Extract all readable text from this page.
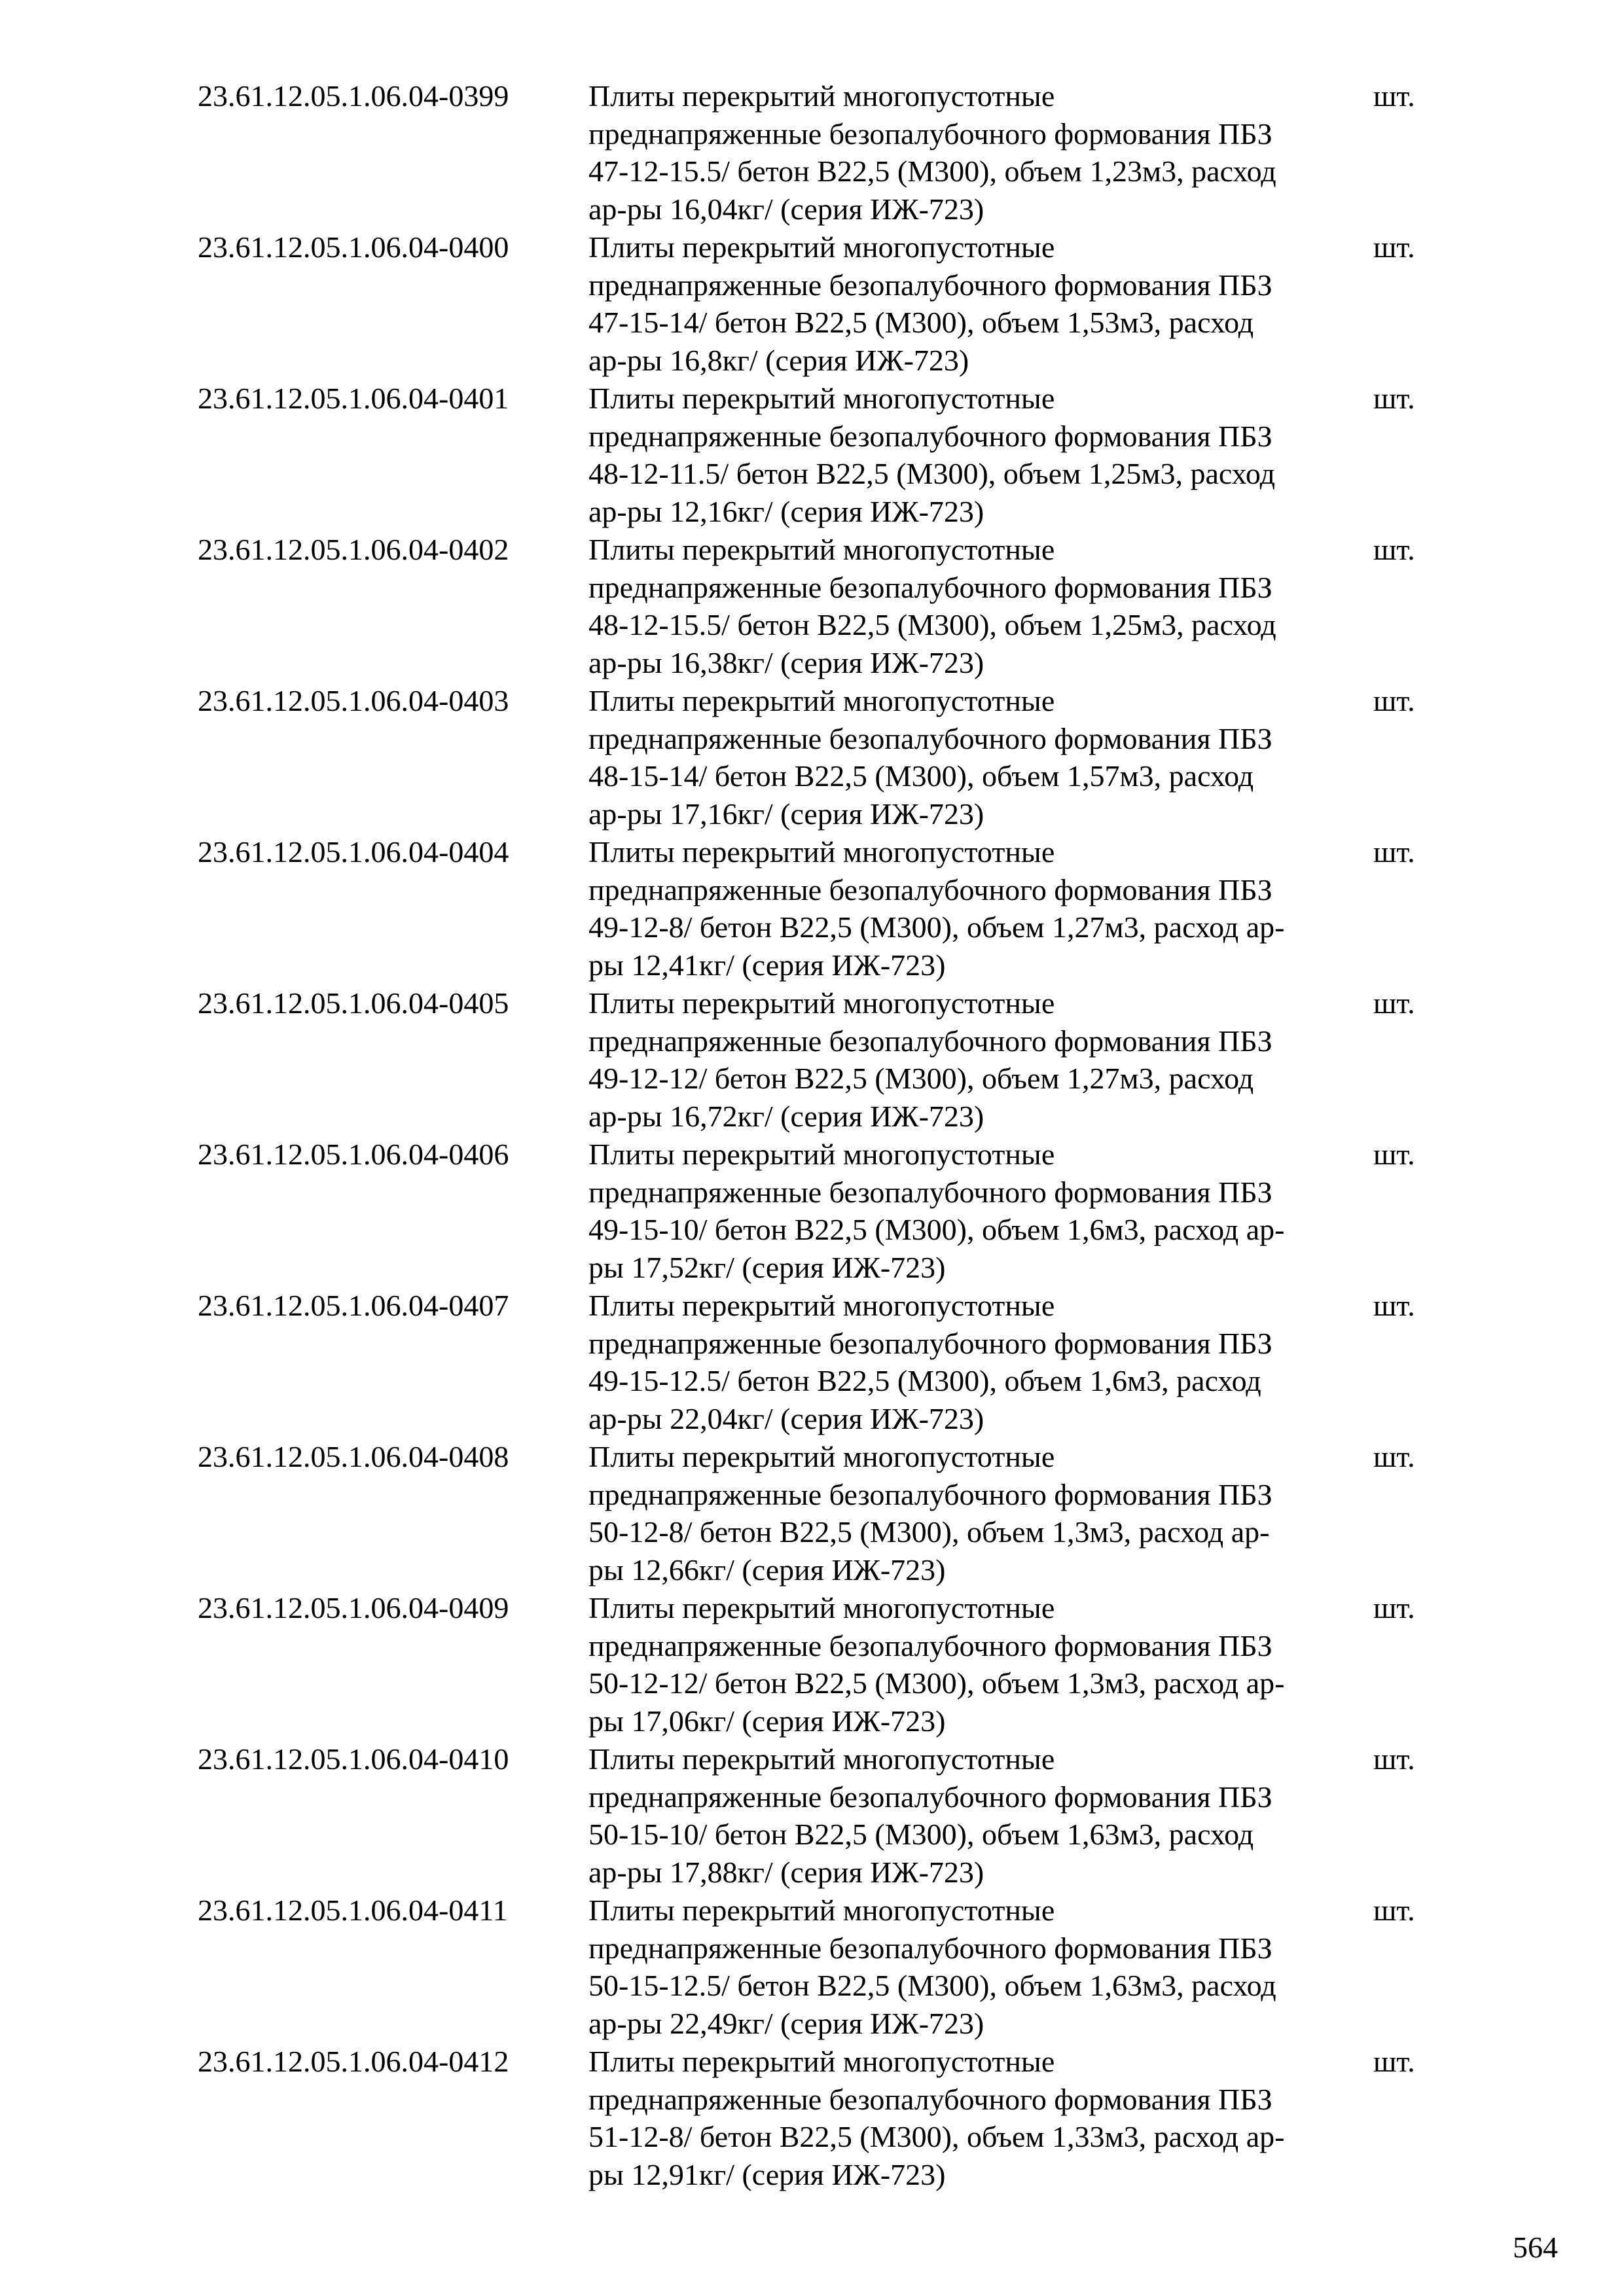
23.61.12.05.1.06.04-0399	Плиты перекрытий многопустотные
преднапряженные безопалубочного формования ПБЗ
47-12-15.5/ бетон В22,5 (М300), объем 1,23м3, расход
ар-ры 16,04кг/ (серия ИЖ-723)
шт.
23.61.12.05.1.06.04-0400	Плиты перекрытий многопустотные
преднапряженные безопалубочного формования ПБЗ
47-15-14/ бетон В22,5 (М300), объем 1,53м3, расход
ар-ры 16,8кг/ (серия ИЖ-723)
шт.
23.61.12.05.1.06.04-0401	Плиты перекрытий многопустотные
преднапряженные безопалубочного формования ПБЗ
48-12-11.5/ бетон В22,5 (М300), объем 1,25м3, расход
ар-ры 12,16кг/ (серия ИЖ-723)
шт.
23.61.12.05.1.06.04-0402	Плиты перекрытий многопустотные
преднапряженные безопалубочного формования ПБЗ
48-12-15.5/ бетон В22,5 (М300), объем 1,25м3, расход
ар-ры 16,38кг/ (серия ИЖ-723)
шт.
23.61.12.05.1.06.04-0403	Плиты перекрытий многопустотные
преднапряженные безопалубочного формования ПБЗ
48-15-14/ бетон В22,5 (М300), объем 1,57м3, расход
ар-ры 17,16кг/ (серия ИЖ-723)
шт.
23.61.12.05.1.06.04-0404	Плиты перекрытий многопустотные
преднапряженные безопалубочного формования ПБЗ
49-12-8/ бетон В22,5 (М300), объем 1,27м3, расход ар-
ры 12,41кг/ (серия ИЖ-723)
шт.
23.61.12.05.1.06.04-0405	Плиты перекрытий многопустотные
преднапряженные безопалубочного формования ПБЗ
49-12-12/ бетон В22,5 (М300), объем 1,27м3, расход
ар-ры 16,72кг/ (серия ИЖ-723)
шт.
23.61.12.05.1.06.04-0406	Плиты перекрытий многопустотные
преднапряженные безопалубочного формования ПБЗ
49-15-10/ бетон В22,5 (М300), объем 1,6м3, расход ар-
ры 17,52кг/ (серия ИЖ-723)
шт.
23.61.12.05.1.06.04-0407	Плиты перекрытий многопустотные
преднапряженные безопалубочного формования ПБЗ
49-15-12.5/ бетон В22,5 (М300), объем 1,6м3, расход
ар-ры 22,04кг/ (серия ИЖ-723)
шт.
23.61.12.05.1.06.04-0408	Плиты перекрытий многопустотные
преднапряженные безопалубочного формования ПБЗ
50-12-8/ бетон В22,5 (М300), объем 1,3м3, расход ар-
ры 12,66кг/ (серия ИЖ-723)
шт.
23.61.12.05.1.06.04-0409	Плиты перекрытий многопустотные
преднапряженные безопалубочного формования ПБЗ
50-12-12/ бетон В22,5 (М300), объем 1,3м3, расход ар-
ры 17,06кг/ (серия ИЖ-723)
шт.
23.61.12.05.1.06.04-0410	Плиты перекрытий многопустотные
преднапряженные безопалубочного формования ПБЗ
50-15-10/ бетон В22,5 (М300), объем 1,63м3, расход
ар-ры 17,88кг/ (серия ИЖ-723)
шт.
23.61.12.05.1.06.04-0411	Плиты перекрытий многопустотные
преднапряженные безопалубочного формования ПБЗ
50-15-12.5/ бетон В22,5 (М300), объем 1,63м3, расход
ар-ры 22,49кг/ (серия ИЖ-723)
шт.
23.61.12.05.1.06.04-0412	Плиты перекрытий многопустотные
преднапряженные безопалубочного формования ПБЗ
51-12-8/ бетон В22,5 (М300), объем 1,33м3, расход ар-
ры 12,91кг/ (серия ИЖ-723)
шт.
564
